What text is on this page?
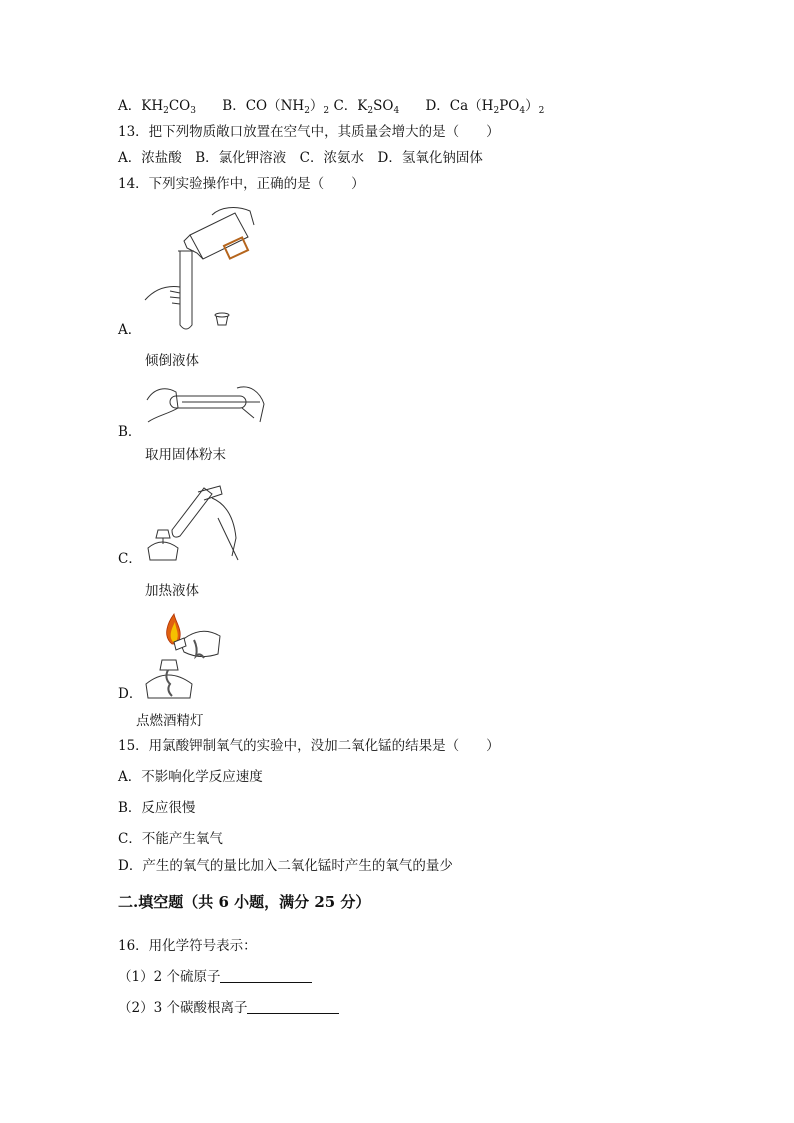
A．$KH_2CO_3$ B．$CO(NH_2)_2$ C．$K_2SO_4$ D．$Ca(H_2PO_4)_2$
13．把下列物质敞口放置在空气中，其质量会增大的是（　　）
A．浓盐酸　B．氯化钾溶液　C．浓氨水　D．氢氧化钠固体
14．下列实验操作中，正确的是（　　）
A．
倾倒液体
B．
取用固体粉末
C．
加热液体
D．
点燃酒精灯
15．用氯酸钾制氧气的实验中，没加二氧化锰的结果是（　　）
A．不影响化学反应速度
B．反应很慢
C．不能产生氧气
D．产生的氧气的量比加入二氧化锰时产生的氧气的量少
二.填空题（共 6 小题，满分 25 分）
16．用化学符号表示：
（1）2 个硫原子
（2）3 个碳酸根离子
